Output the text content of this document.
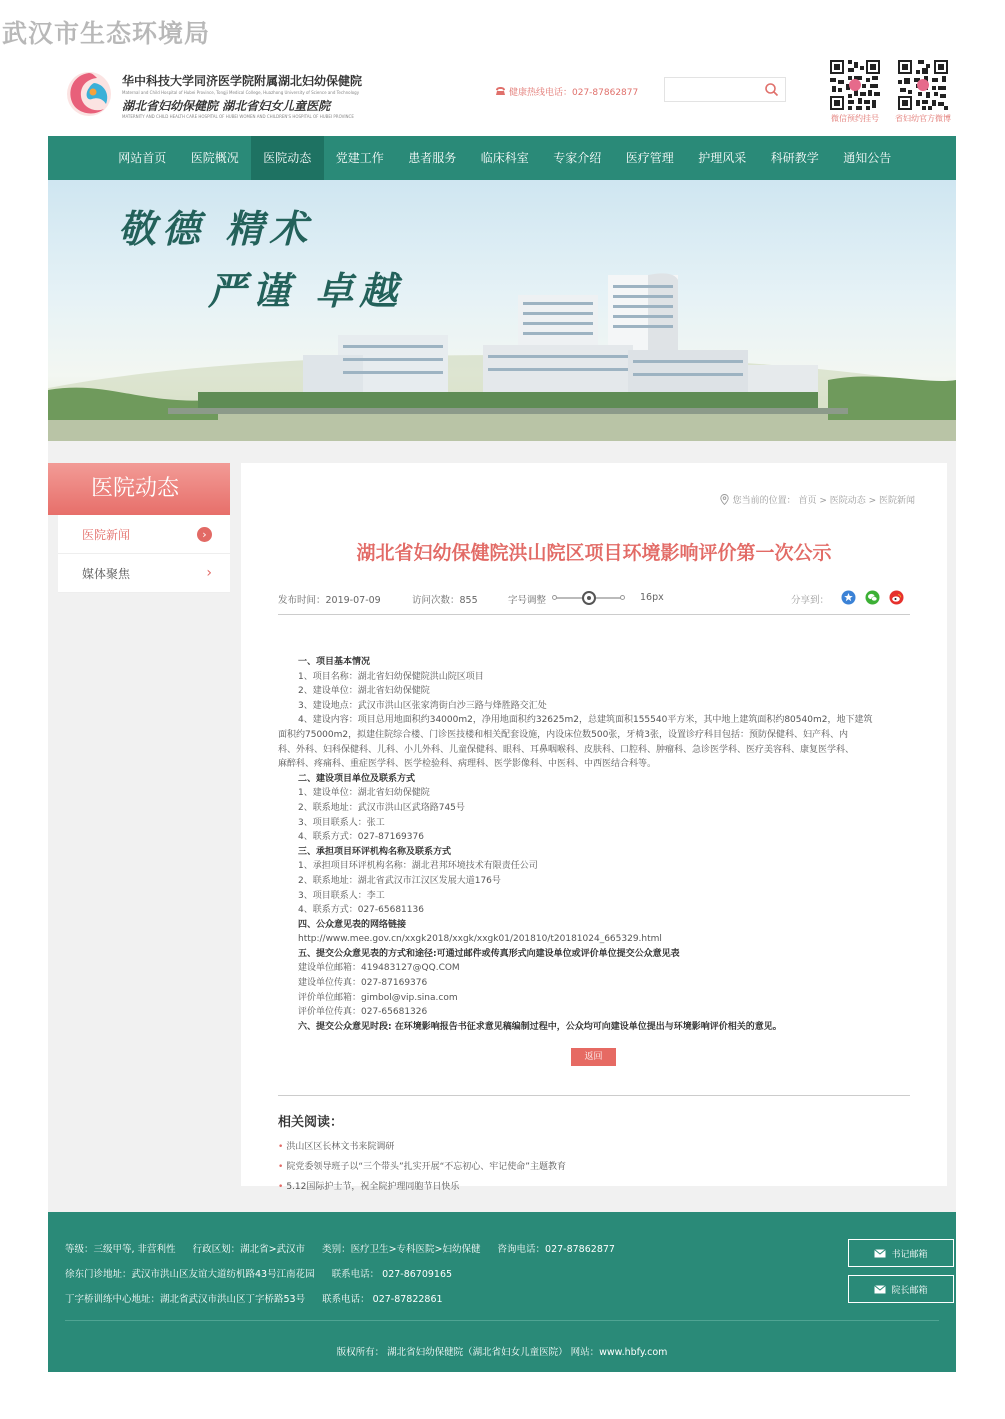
武汉市生态环境局
华中科技大学同济医学院附属湖北妇幼保健院
Maternal and Child Hospital of Hubei Province, Tongji Medical College, Huazhong University of Science and Technology
湖北省妇幼保健院 湖北省妇女儿童医院
MATERNITY AND CHILD HEALTH CARE HOSPITAL OF HUBEI WOMEN AND CHILDREN'S HOSPITAL OF HUBEI PROVINCE
健康热线电话：027-87862877
微信预约挂号	省妇幼官方微博
网站首页	医院概况	医院动态	党建工作	患者服务	临床科室	专家介绍	医疗管理	护理风采	科研教学	通知公告
敬德 精术
严谨 卓越
医院动态
医院新闻	›
媒体聚焦	›
您当前的位置： 首页 > 医院动态 > 医院新闻
湖北省妇幼保健院洪山院区项目环境影响评价第一次公示
发布时间：2019-07-09	访问次数：855	字号调整	16px	分享到：

一、项目基本情况

1、项目名称：湖北省妇幼保健院洪山院区项目

2、建设单位：湖北省妇幼保健院

3、建设地点：武汉市洪山区张家湾街白沙三路与烽胜路交汇处

4、建设内容：项目总用地面积约34000m2，净用地面积约32625m2，总建筑面积155540平方米，其中地上建筑面积约80540m2，地下建筑

面积约75000m2，拟建住院综合楼、门诊医技楼和相关配套设施，内设床位数500张，牙椅3张，设置诊疗科目包括：预防保健科、妇产科、内

科、外科、妇科保健科、儿科、小儿外科、儿童保健科、眼科、耳鼻咽喉科、皮肤科、口腔科、肿瘤科、急诊医学科、医疗美容科、康复医学科、

麻醉科、疼痛科、重症医学科、医学检验科、病理科、医学影像科、中医科、中西医结合科等。

二、建设项目单位及联系方式

1、建设单位：湖北省妇幼保健院

2、联系地址：武汉市洪山区武珞路745号

3、项目联系人：张工

4、联系方式：027-87169376

三、承担项目环评机构名称及联系方式

1、承担项目环评机构名称：湖北君邦环境技术有限责任公司

2、联系地址：湖北省武汉市江汉区发展大道176号

3、项目联系人：李工

4、联系方式：027-65681136

四、公众意见表的网络链接

http://www.mee.gov.cn/xxgk2018/xxgk/xxgk01/201810/t20181024_665329.html

五、提交公众意见表的方式和途径:可通过邮件或传真形式向建设单位或评价单位提交公众意见表

建设单位邮箱：419483127@QQ.COM

建设单位传真：027-87169376

评价单位邮箱：gimbol@vip.sina.com

评价单位传真：027-65681326

六、提交公众意见时段: 在环境影响报告书征求意见稿编制过程中，公众均可向建设单位提出与环境影响评价相关的意见。

返回
相关阅读：
• 洪山区区长林文书来院调研
• 院党委领导班子以“三个带头”扎实开展“不忘初心、牢记使命”主题教育
• 5.12国际护士节，祝全院护理同胞节日快乐
等级：三级甲等, 非营利性 行政区划：湖北省>武汉市 类别：医疗卫生>专科医院>妇幼保健 咨询电话：027-87862877
徐东门诊地址：武汉市洪山区友谊大道纺机路43号江南花园 联系电话： 027-86709165
丁字桥训练中心地址：湖北省武汉市洪山区丁字桥路53号 联系电话： 027-87822861
书记邮箱
院长邮箱
版权所有： 湖北省妇幼保健院（湖北省妇女儿童医院） 网站：www.hbfy.com
